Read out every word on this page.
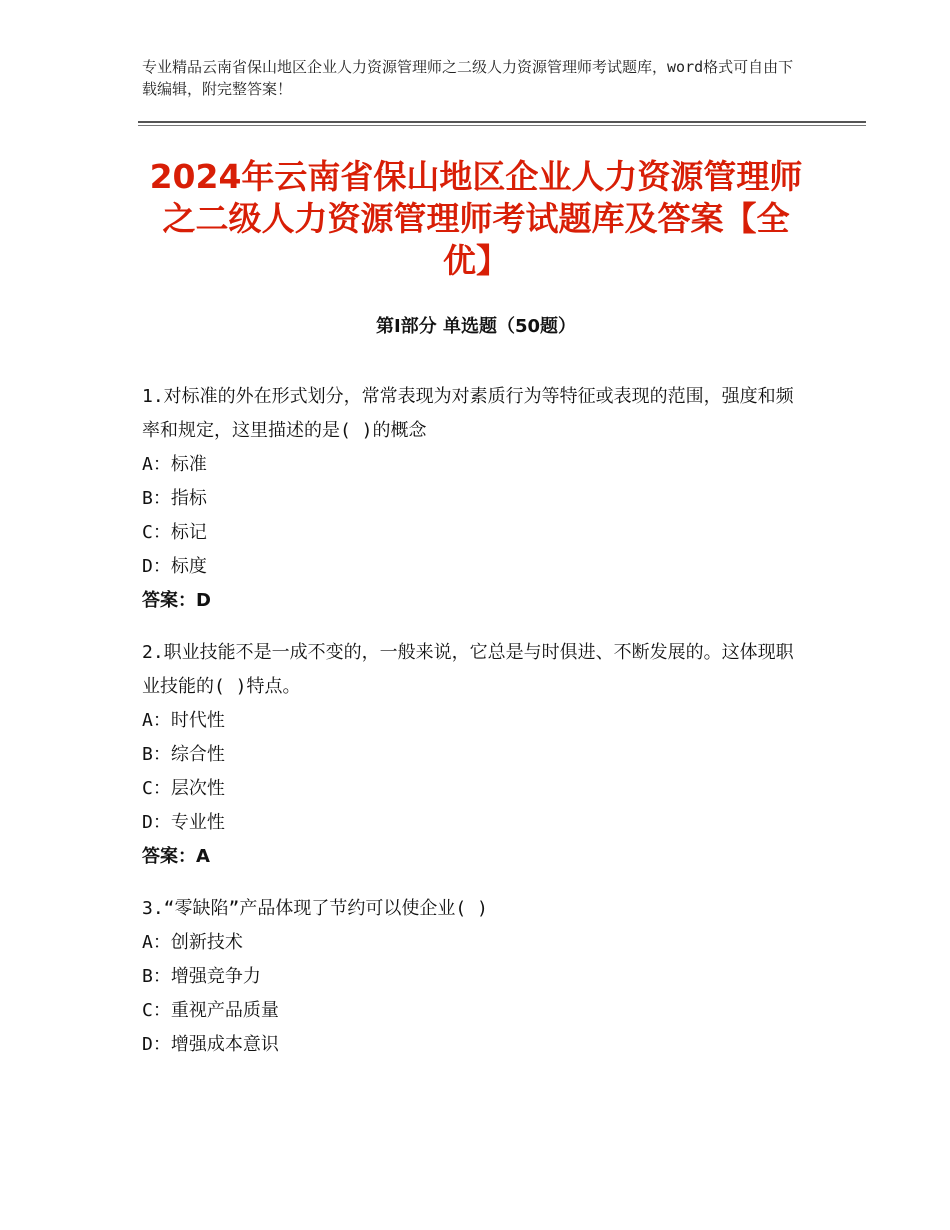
专业精品云南省保山地区企业人力资源管理师之二级人力资源管理师考试题库，word格式可自由下载编辑，附完整答案！
2024年云南省保山地区企业人力资源管理师之二级人力资源管理师考试题库及答案【全优】
第Ⅰ部分 单选题（50题）
1.对标准的外在形式划分，常常表现为对素质行为等特征或表现的范围，强度和频率和规定，这里描述的是( )的概念
A：标准
B：指标
C：标记
D：标度
答案：D
2.职业技能不是一成不变的，一般来说，它总是与时俱进、不断发展的。这体现职业技能的( )特点。
A：时代性
B：综合性
C：层次性
D：专业性
答案：A
3.“零缺陷”产品体现了节约可以使企业( )
A：创新技术
B：增强竞争力
C：重视产品质量
D：增强成本意识
